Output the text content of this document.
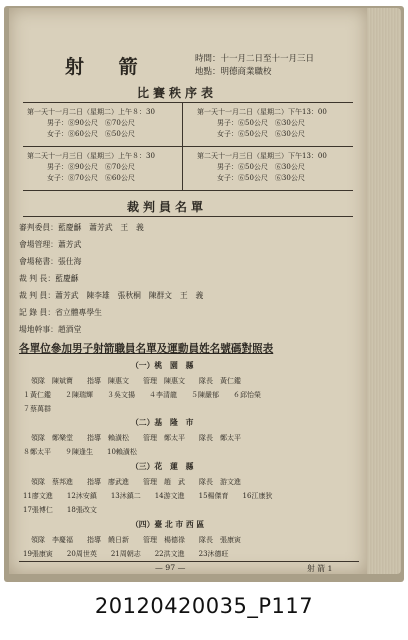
射 箭	時間：十一月二日至十一月三日
地點：明德商業職校
比賽秩序表
第一天十一月二日（星期二）上午８：30
男子：⑧90公尺　⑥70公尺
女子：⑧60公尺　⑥50公尺
第一天十一月二日（星期二）下午13：00
男子：⑥50公尺　⑥30公尺
女子：⑥50公尺　⑥30公尺
第二天十一月三日（星期三）上午８：30
男子：⑧90公尺　⑥70公尺
女子：⑧70公尺　⑥60公尺
第二天十一月三日（星期三）下午13：00
男子：⑥50公尺　⑥30公尺
女子：⑥50公尺　⑥30公尺
裁判員名單
審判委員：藍慶龢　蕭芳武　王　義
會場管理：蕭芳武
會場秘書：張仕海
裁 判 長：藍慶龢
裁 判 員：蕭芳武　陳李雄　張秋桐　陳群文　王　義
記 錄 員：省立體專學生
場地幹事：趙酒堂
各單位參加男子射箭職員名單及運動員姓名號碼對照表
（一）桃　園　縣
領隊　陳斌寶　　指導　陳惠文　　管理　陳惠文　　隊長　黃仁鑑
１黃仁鑑　　２陳瑞輝　　３吳文揚　　４李清龍　　５陳嚴郁　　６邱怡榮
７蔡萬群
（二）基　隆　市
領隊　鄭樂堂　　指導　賴潢松　　管理　鄭太平　　隊長　鄭太平
８鄭太平　　９陳逢生　　10賴潢松
（三）花　蓮　縣
領隊　蔡邦進　　指導　廖武進　　管理　趙　武　　隊長　游文進
11廖文進　　12沐安鎮　　13沐鎮二　　14游文進　　15楊傑育　　16江康狄
17張博仁　　18張改文
（四）臺 北 市 西 區
領隊　李慶福　　指導　饒日新　　管理　楊德祿　　隊長　張康寅
19張康寅　　20周世英　　21周朝志　　22洪文進　　23沐德旺
— 97 —	射 箭 1
20120420035_P117
